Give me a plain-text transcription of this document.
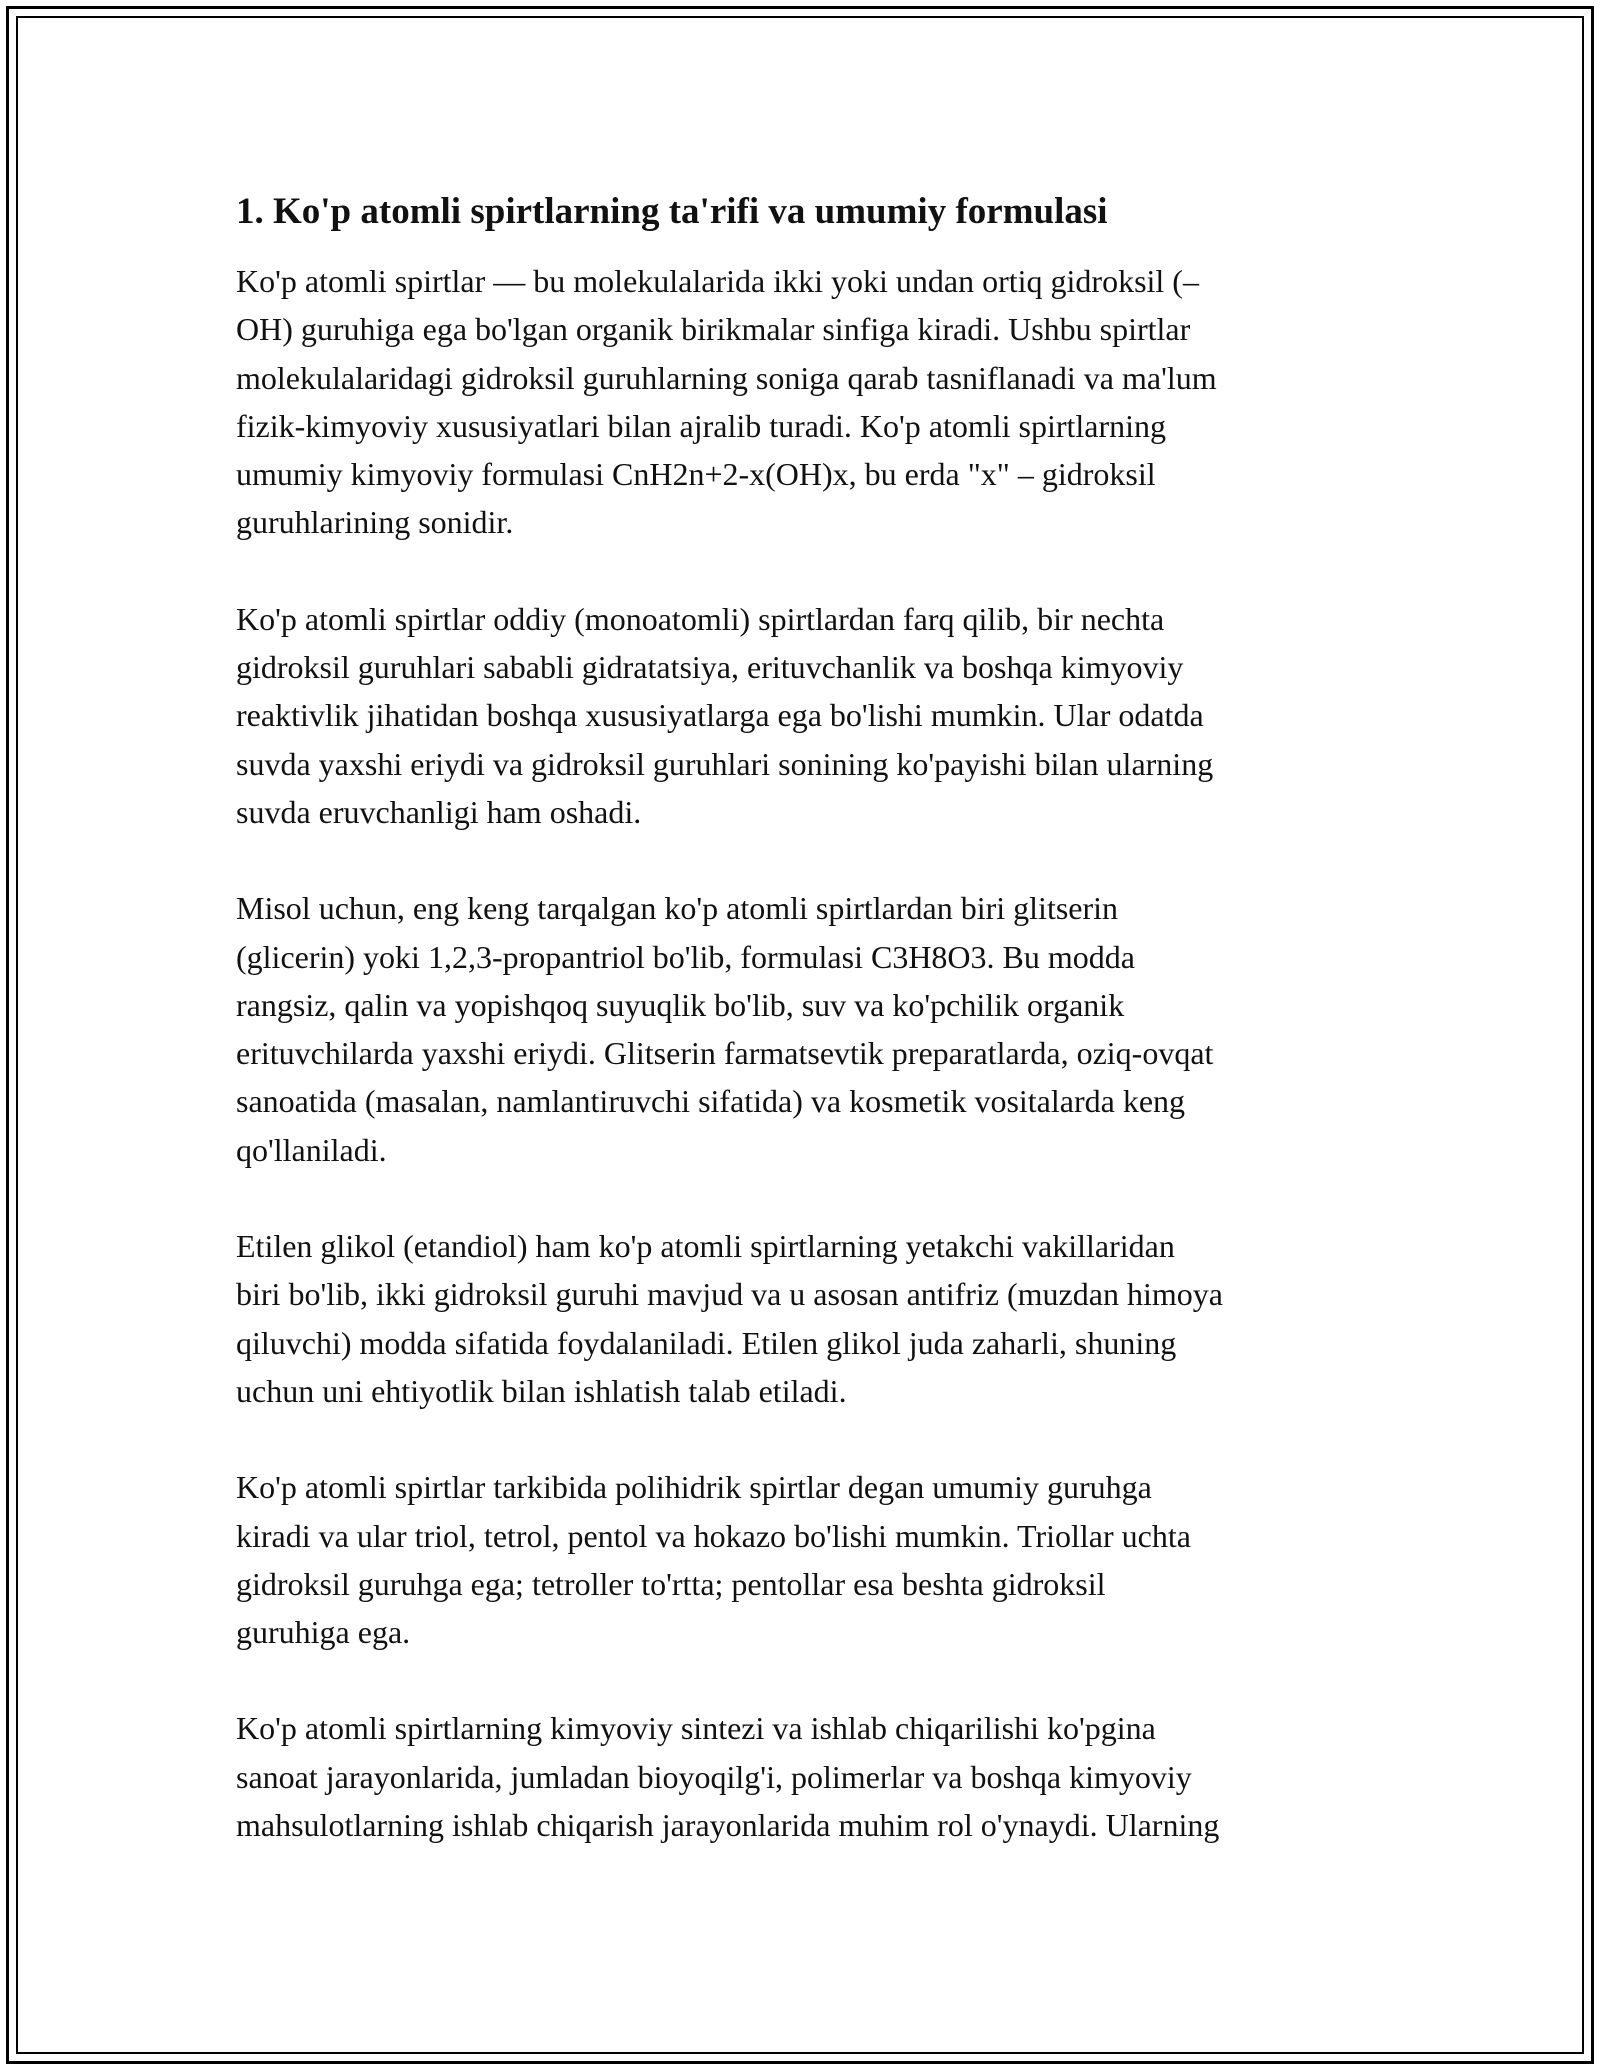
1. Ko'p atomli spirtlarning ta'rifi va umumiy formulasi
Ko'p atomli spirtlar — bu molekulalarida ikki yoki undan ortiq gidroksil (–
OH) guruhiga ega bo'lgan organik birikmalar sinfiga kiradi. Ushbu spirtlar
molekulalaridagi gidroksil guruhlarning soniga qarab tasniflanadi va ma'lum
fizik-kimyoviy xususiyatlari bilan ajralib turadi. Ko'p atomli spirtlarning
umumiy kimyoviy formulasi CnH2n+2-x(OH)x, bu erda "x" – gidroksil
guruhlarining sonidir.
Ko'p atomli spirtlar oddiy (monoatomli) spirtlardan farq qilib, bir nechta
gidroksil guruhlari sababli gidratatsiya, erituvchanlik va boshqa kimyoviy
reaktivlik jihatidan boshqa xususiyatlarga ega bo'lishi mumkin. Ular odatda
suvda yaxshi eriydi va gidroksil guruhlari sonining ko'payishi bilan ularning
suvda eruvchanligi ham oshadi.
Misol uchun, eng keng tarqalgan ko'p atomli spirtlardan biri glitserin
(glicerin) yoki 1,2,3-propantriol bo'lib, formulasi C3H8O3. Bu modda
rangsiz, qalin va yopishqoq suyuqlik bo'lib, suv va ko'pchilik organik
erituvchilarda yaxshi eriydi. Glitserin farmatsevtik preparatlarda, oziq-ovqat
sanoatida (masalan, namlantiruvchi sifatida) va kosmetik vositalarda keng
qo'llaniladi.
Etilen glikol (etandiol) ham ko'p atomli spirtlarning yetakchi vakillaridan
biri bo'lib, ikki gidroksil guruhi mavjud va u asosan antifriz (muzdan himoya
qiluvchi) modda sifatida foydalaniladi. Etilen glikol juda zaharli, shuning
uchun uni ehtiyotlik bilan ishlatish talab etiladi.
Ko'p atomli spirtlar tarkibida polihidrik spirtlar degan umumiy guruhga
kiradi va ular triol, tetrol, pentol va hokazo bo'lishi mumkin. Triollar uchta
gidroksil guruhga ega; tetroller to'rtta; pentollar esa beshta gidroksil
guruhiga ega.
Ko'p atomli spirtlarning kimyoviy sintezi va ishlab chiqarilishi ko'pgina
sanoat jarayonlarida, jumladan bioyoqilg'i, polimerlar va boshqa kimyoviy
mahsulotlarning ishlab chiqarish jarayonlarida muhim rol o'ynaydi. Ularning
